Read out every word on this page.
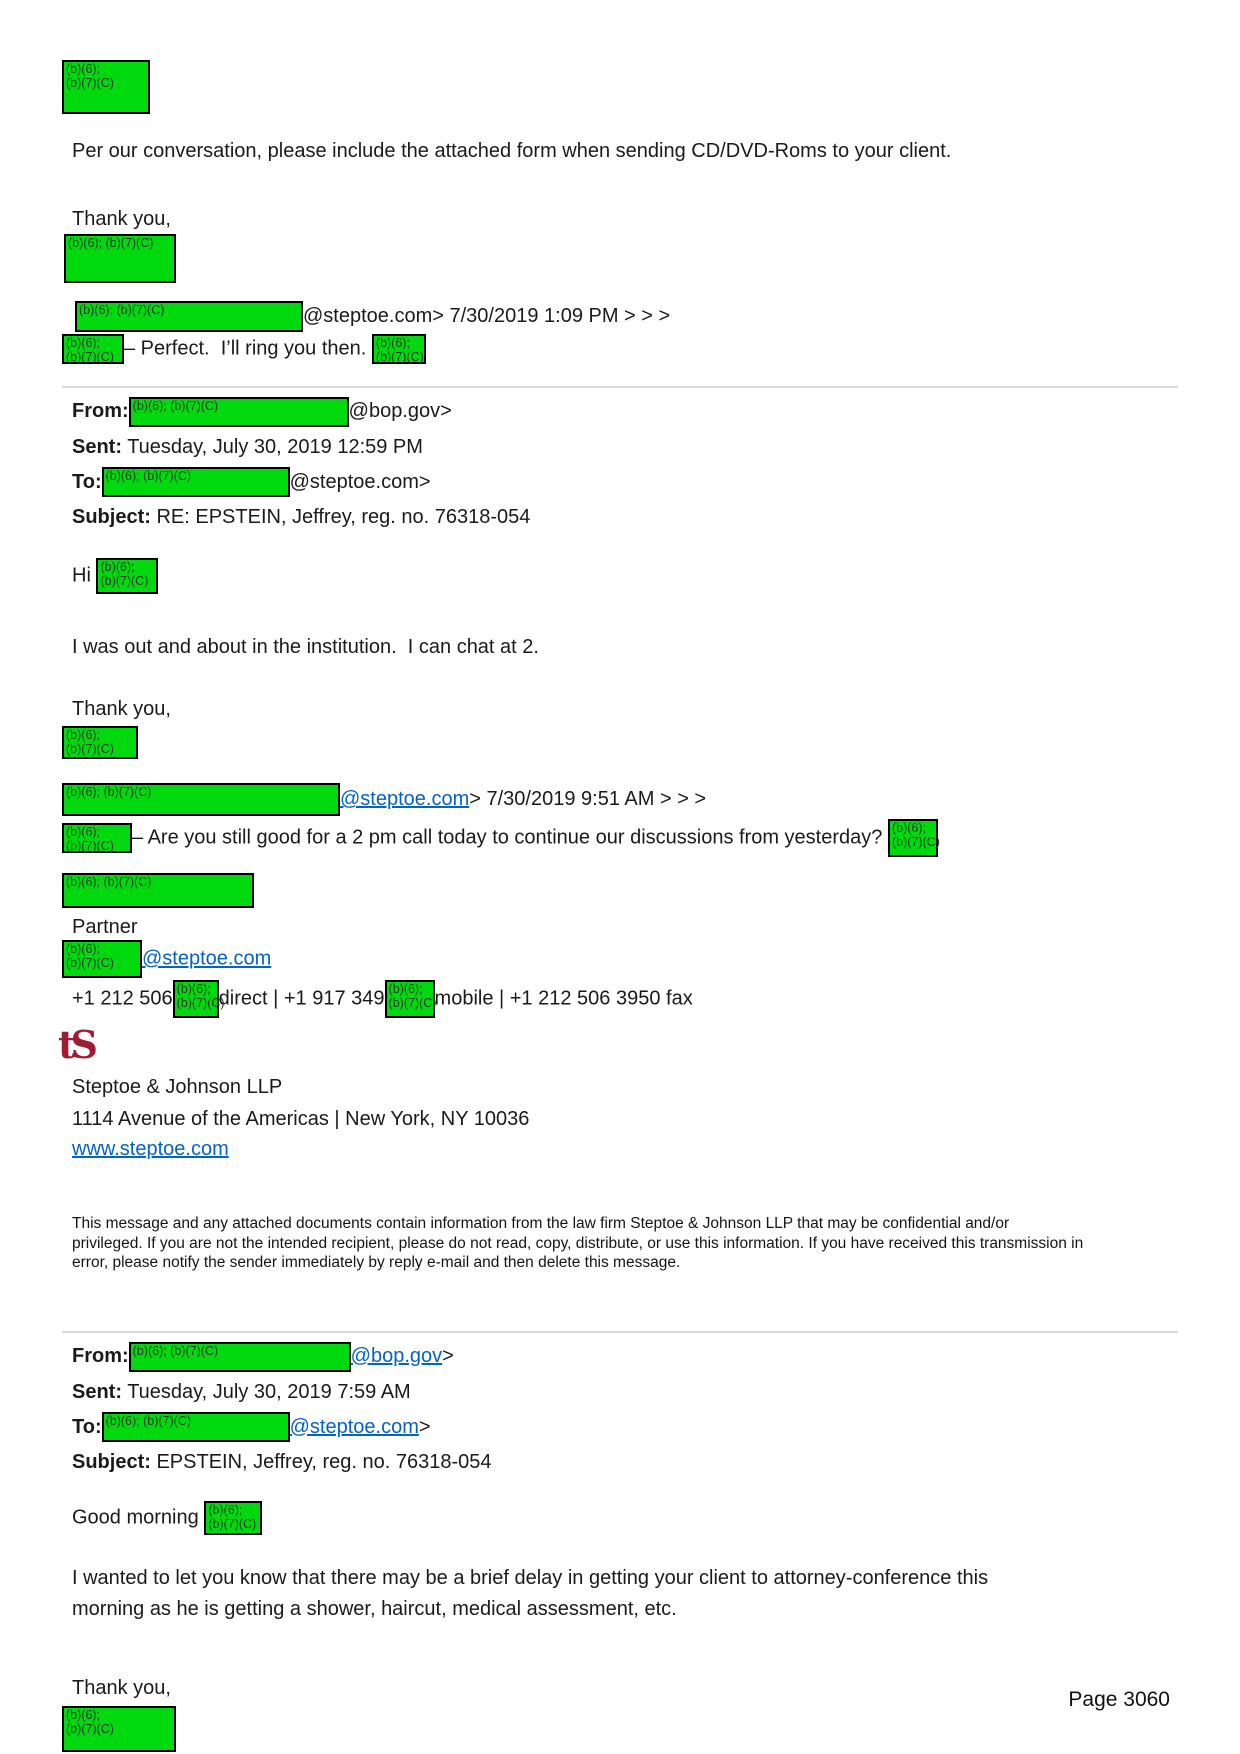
(b)(6);
(b)(7)(C)

Per our conversation, please include the attached form when sending CD/DVD-Roms to your client.

Thank you,

(b)(6); (b)(7)(C)

(b)(6); (b)(7)(C)	@steptoe.com> 7/30/2019 1:09 PM > > >

(b)(6);
(b)(7)(C) – Perfect.  I’ll ring you then. (b)(6);
(b)(7)(C)

From: (b)(6); (b)(7)(C)	@bop.gov>

Sent: Tuesday, July 30, 2019 12:59 PM

To: (b)(6); (b)(7)(C)	@steptoe.com>

Subject: RE: EPSTEIN, Jeffrey, reg. no. 76318-054

Hi (b)(6);
(b)(7)(C)

I was out and about in the institution.  I can chat at 2.

Thank you,

(b)(6);
(b)(7)(C)

(b)(6); (b)(7)(C)	@steptoe.com> 7/30/2019 9:51 AM > > >

(b)(6);
(b)(7)(C) – Are you still good for a 2 pm call today to continue our discussions from yesterday? (b)(6);
(b)(7)(C)

(b)(6); (b)(7)(C)

Partner

(b)(6);
(b)(7)(C) @steptoe.com

+1 212 506 (b)(6);
(b)(7)(C)
direct | +1 917 349 (b)(6);
(b)(7)(C)
mobile | +1 212 506 3950 fax

tS

Steptoe & Johnson LLP

1114 Avenue of the Americas | New York, NY 10036

www.steptoe.com

This message and any attached documents contain information from the law firm Steptoe & Johnson LLP that may be confidential and/or privileged. If you are not the intended recipient, please do not read, copy, distribute, or use this information. If you have received this transmission in error, please notify the sender immediately by reply e-mail and then delete this message.

From: (b)(6); (b)(7)(C)	@bop.gov>

Sent: Tuesday, July 30, 2019 7:59 AM

To: (b)(6); (b)(7)(C)	@steptoe.com>

Subject: EPSTEIN, Jeffrey, reg. no. 76318-054

Good morning (b)(6);
(b)(7)(C)

I wanted to let you know that there may be a brief delay in getting your client to attorney-conference this morning as he is getting a shower, haircut, medical assessment, etc.

Thank you,

(b)(6);
(b)(7)(C)
Page 3060
